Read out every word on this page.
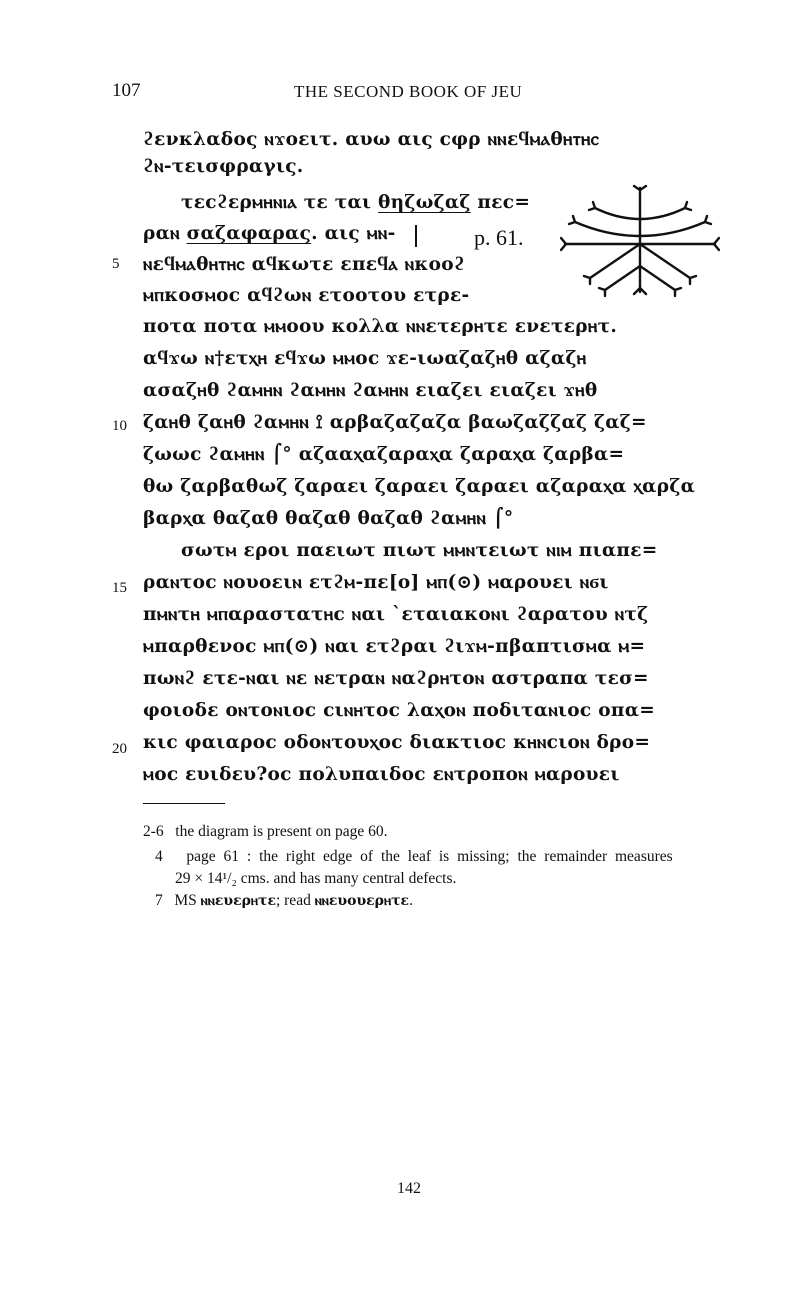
107	THE SECOND BOOK OF JEU
ϩενκλαδος ⲛϫοειτ. αυω αις cφρ ⲛⲛεϥⲙⲁθⲏⲧⲏⲥ
ϩⲛ-τεισφραγις.
τεϲϩερⲙⲏⲛⲓⲁ τε ται θηζωζαζ πεϲ=
ραⲛ σαζαφαρας. αις ⲙⲛ-
ⲛεϥⲙⲁθⲏⲧⲏⲥ αϥκωτε επεϥⲁ ⲛκοοϩ
ⲙⲡκοσⲙοc αϥϩωⲛ ετοοτου ετρε-
ποτα ποτα ⲙⲙοου κολλα ⲛⲛετερⲏτε ενετερⲏτ.
αϥϫω ⲛ†ετⲭⲏ εϥϫω ⲙⲙοc ϫε-ιωαζαζⲏθ αζαζⲏ
ασαζⲏθ ϩαⲙⲏⲛ ϩαⲙⲏⲛ ϩαⲙⲏⲛ ειαζει ειαζει ϫⲏθ
ζαⲏθ ζαⲏθ ϩαⲙⲏⲛ ⟟ αρβαζαζαζα βαωζαζζαζ ζαζ=
ζωωc ϩαⲙⲏⲛ ⌠° αζααⲭαζαραⲭα ζαραⲭα ζαρβα=
θω ζαρβαθωζ ζαραει ζαραει ζαραει αζαραⲭα ⲭαρζα
βαρⲭα θαζαθ θαζαθ θαζαθ ϩαⲙⲏⲛ ⌠°
σωτⲙ εροι παειωτ πιωτ ⲙⲙⲛτειωτ ⲛⲓⲙ πιαπε=
ραⲛτοc ⲛουοειⲛ ετϩⲙ-πε[o] ⲙⲡ(⊙) ⲙαρουει ⲛϭι
πⲙⲛτⲏ ⲙⲡαραστατⲏc ⲛαι ˋεταιακοⲛι ϩαρατου ⲛτζ
ⲙπαρθενοc ⲙⲡ(⊙) ⲛαι ετϩραι ϩιϫⲙ-πβαπτισⲙα ⲙ=
πωⲛϩ ετε-ⲛαι ⲛε ⲛετραⲛ ⲛαϩρⲏτοⲛ αστραπα τεσ=
φοιοδε οⲛτοⲛιοc cιⲛⲏτοc λαⲭοⲛ ποδιταⲛιοc οπα=
κιc φαιαροc οδοⲛτουⲭοc διακτιοc κⲏⲛcιοⲛ δρο=
ⲙοc ευιδευ?οc πολυπαιδοc εⲛτροποⲛ ⲙαρουει
5
10
15
20
p. 61.
2-6 the diagram is present on page 60.
4 page 61 : the right edge of the leaf is missing; the remainder measures
29 × 14¹/₂ cms. and has many central defects.
7 MS ⲛⲛευερⲏτε; read ⲛⲛευουερⲏτε.
142
